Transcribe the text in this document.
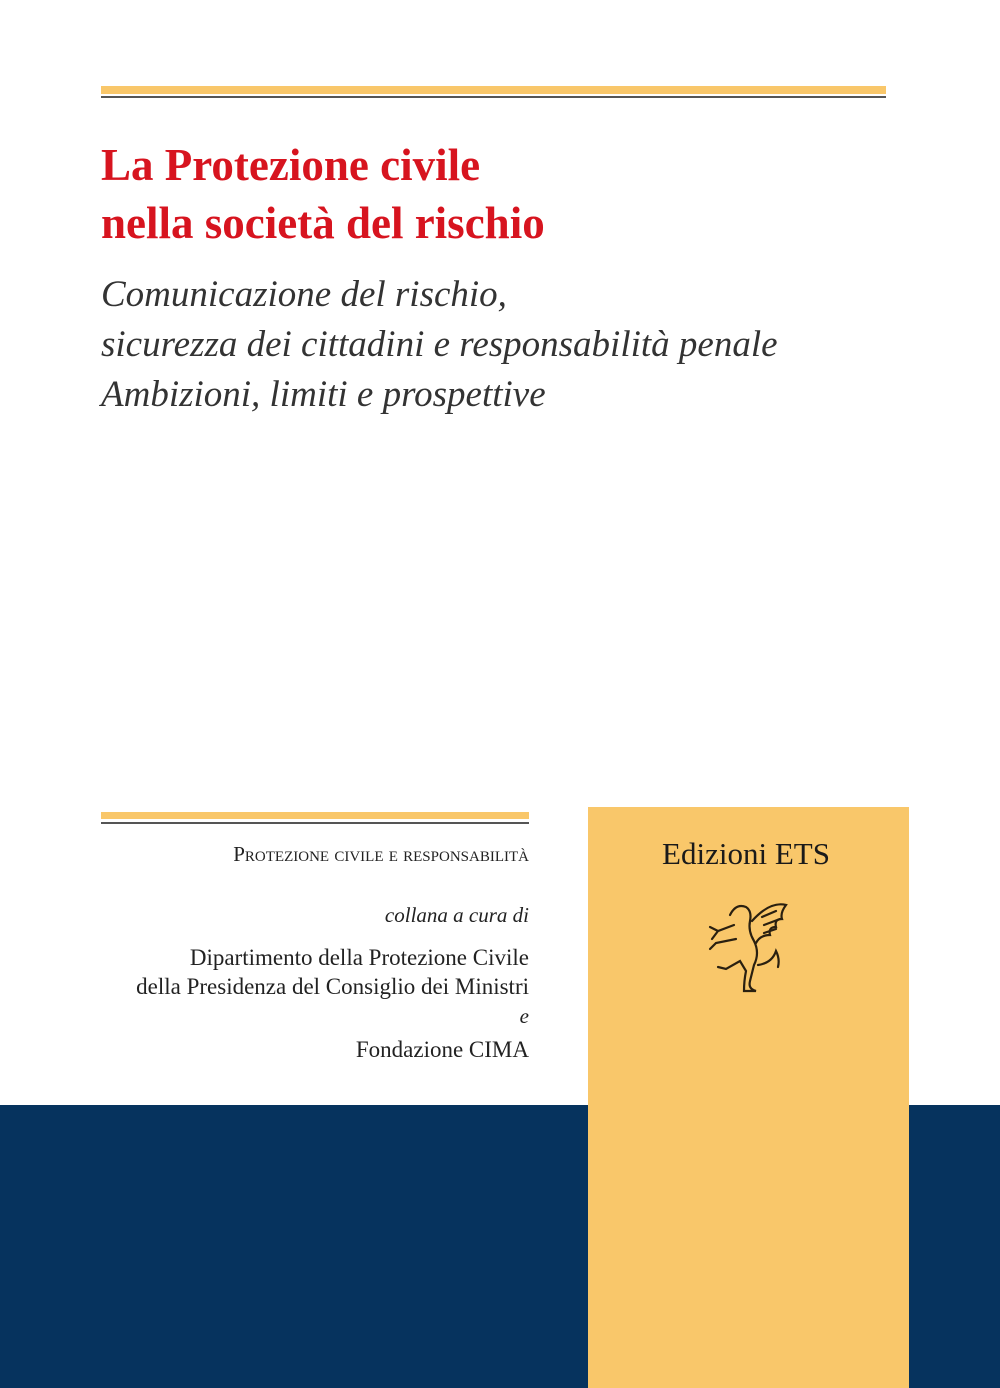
La Protezione civile
nella società del rischio
Comunicazione del rischio,
sicurezza dei cittadini e responsabilità penale
Ambizioni, limiti e prospettive
Edizioni ETS
Protezione civile e responsabilità
collana a cura di
Dipartimento della Protezione Civile
della Presidenza del Consiglio dei Ministri
e
Fondazione CIMA
